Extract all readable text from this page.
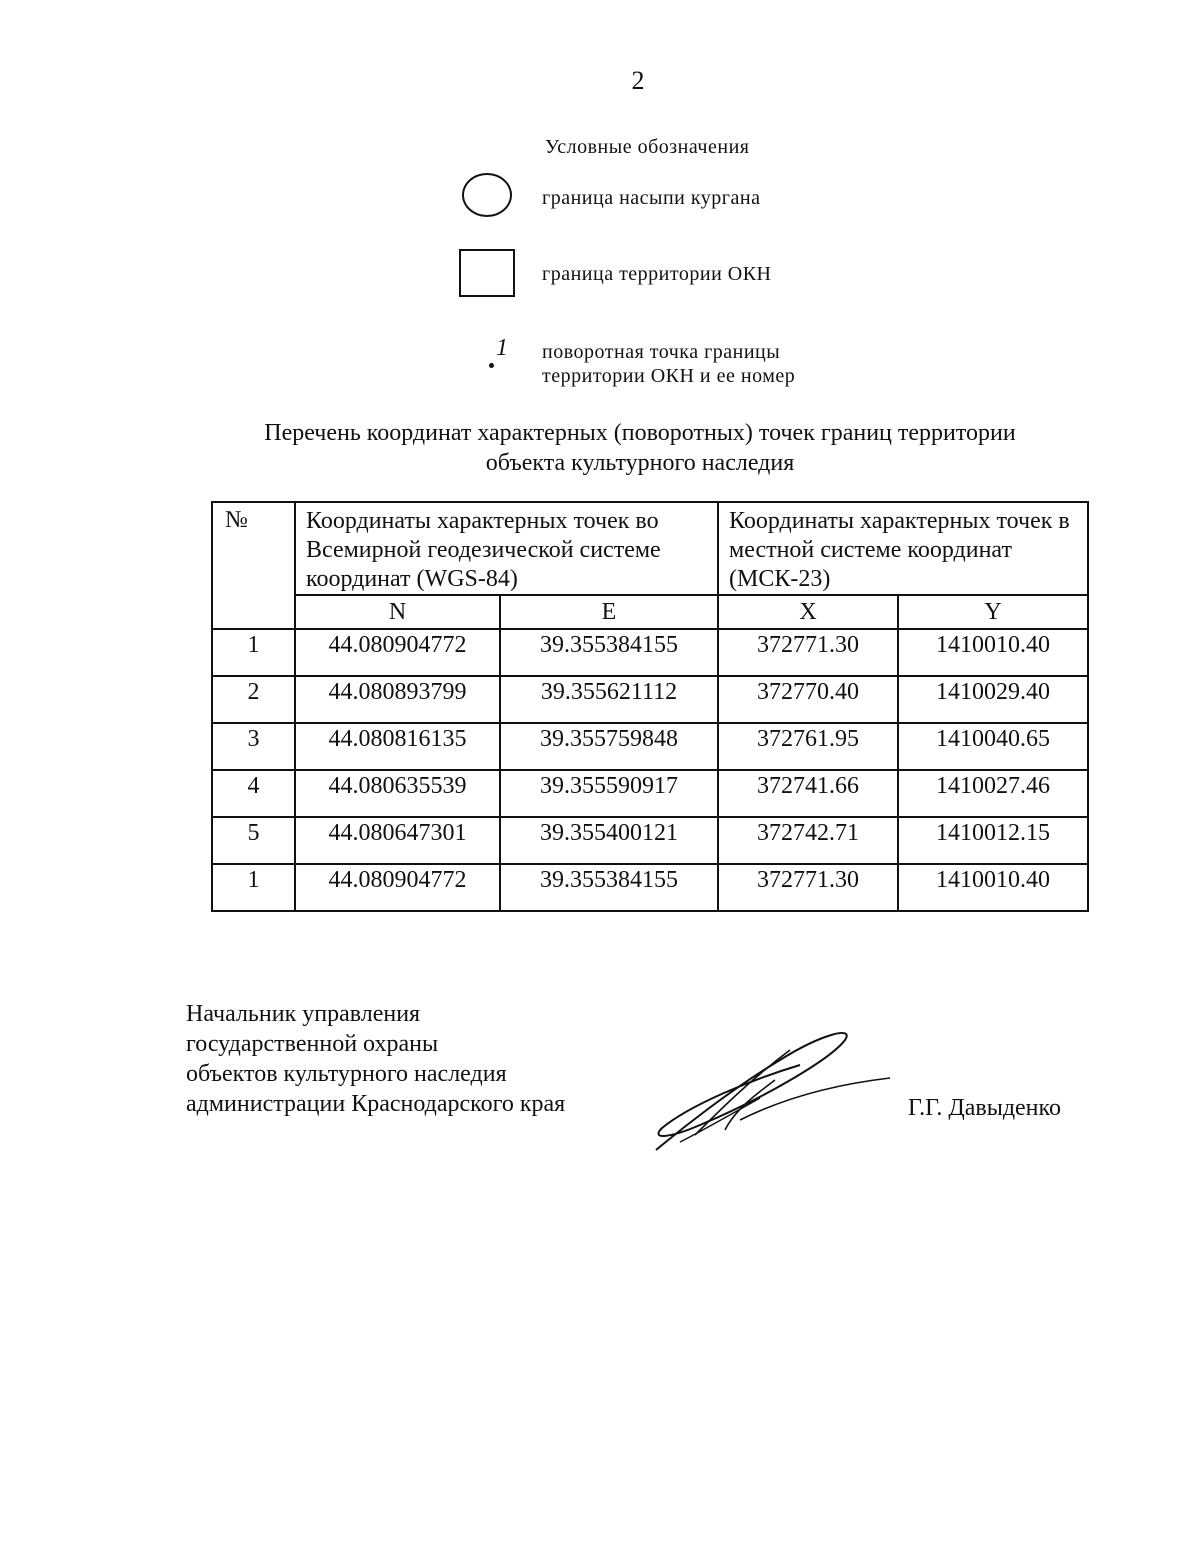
2
Условные обозначения
граница насыпи кургана
граница территории ОКН
1 поворотная точка границы
территории ОКН и ее номер
Перечень координат характерных (поворотных) точек границ территории
объекта культурного наследия
№	Координаты характерных точек во Всемирной геодезической системе координат (WGS-84)		Координаты характерных точек в местной системе координат (МСК-23)	
	N	E	X	Y
1	44.080904772	39.355384155	372771.30	1410010.40
2	44.080893799	39.355621112	372770.40	1410029.40
3	44.080816135	39.355759848	372761.95	1410040.65
4	44.080635539	39.355590917	372741.66	1410027.46
5	44.080647301	39.355400121	372742.71	1410012.15
1	44.080904772	39.355384155	372771.30	1410010.40
Начальник управления
государственной охраны
объектов культурного наследия
администрации Краснодарского края	Г.Г. Давыденко
